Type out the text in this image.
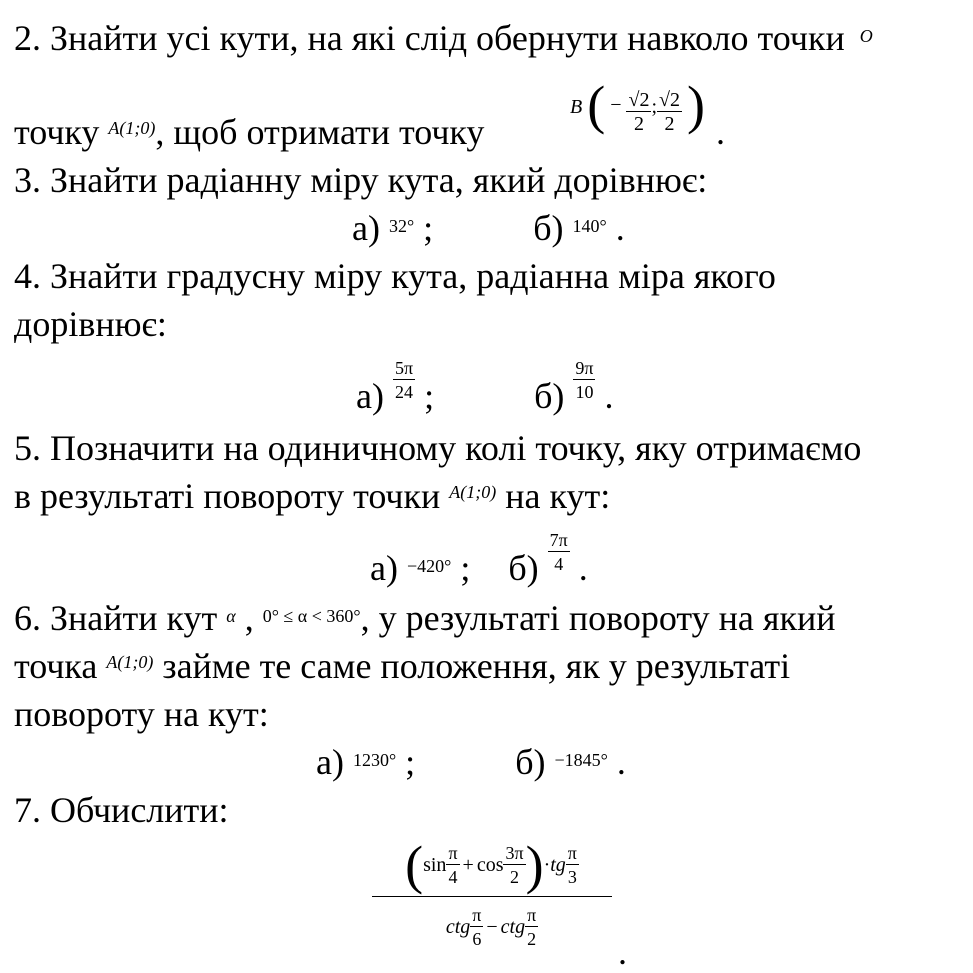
2. Знайти усі кути, на які слід обернути навколо точки $^O$
точку $^{A(1;0)}$, щоб отримати точку
B ( − $\frac{√2}{2}$ ; $\frac{√2}{2}$ ) .
3. Знайти радіанну міру кута, який дорівнює:
а) $^{32^\circ}$ ;	б) $^{140^\circ}$ .
4. Знайти градусну міру кута, радіанна міра якого
дорівнює:
$а) \frac{5\pi}{24}$ ;	$б) \frac{9\pi}{10}$ .
5. Позначити на одиничному колі точку, яку отримаємо
в результаті повороту точки $^{A(1;0)}$ на кут:
а) $_{-420^\circ}$ ; $б) \frac{7\pi}{4}$ .
6. Знайти кут $^\alpha$ , $^{0^\circ \le \alpha < 360^\circ}$, у результаті повороту на який
точка $^{A(1;0)}$ займе те саме положення, як у результаті
повороту на кут:
а) $^{1230^\circ}$ ;	б) $^{-1845^\circ}$ .
7. Обчислити:
( $\sin \frac{\pi}{4} + \cos \frac{3\pi}{2}$ ) · tg $\frac{\pi}{3}$
ctg $\frac{\pi}{6}$ − ctg $\frac{\pi}{2}$
.
